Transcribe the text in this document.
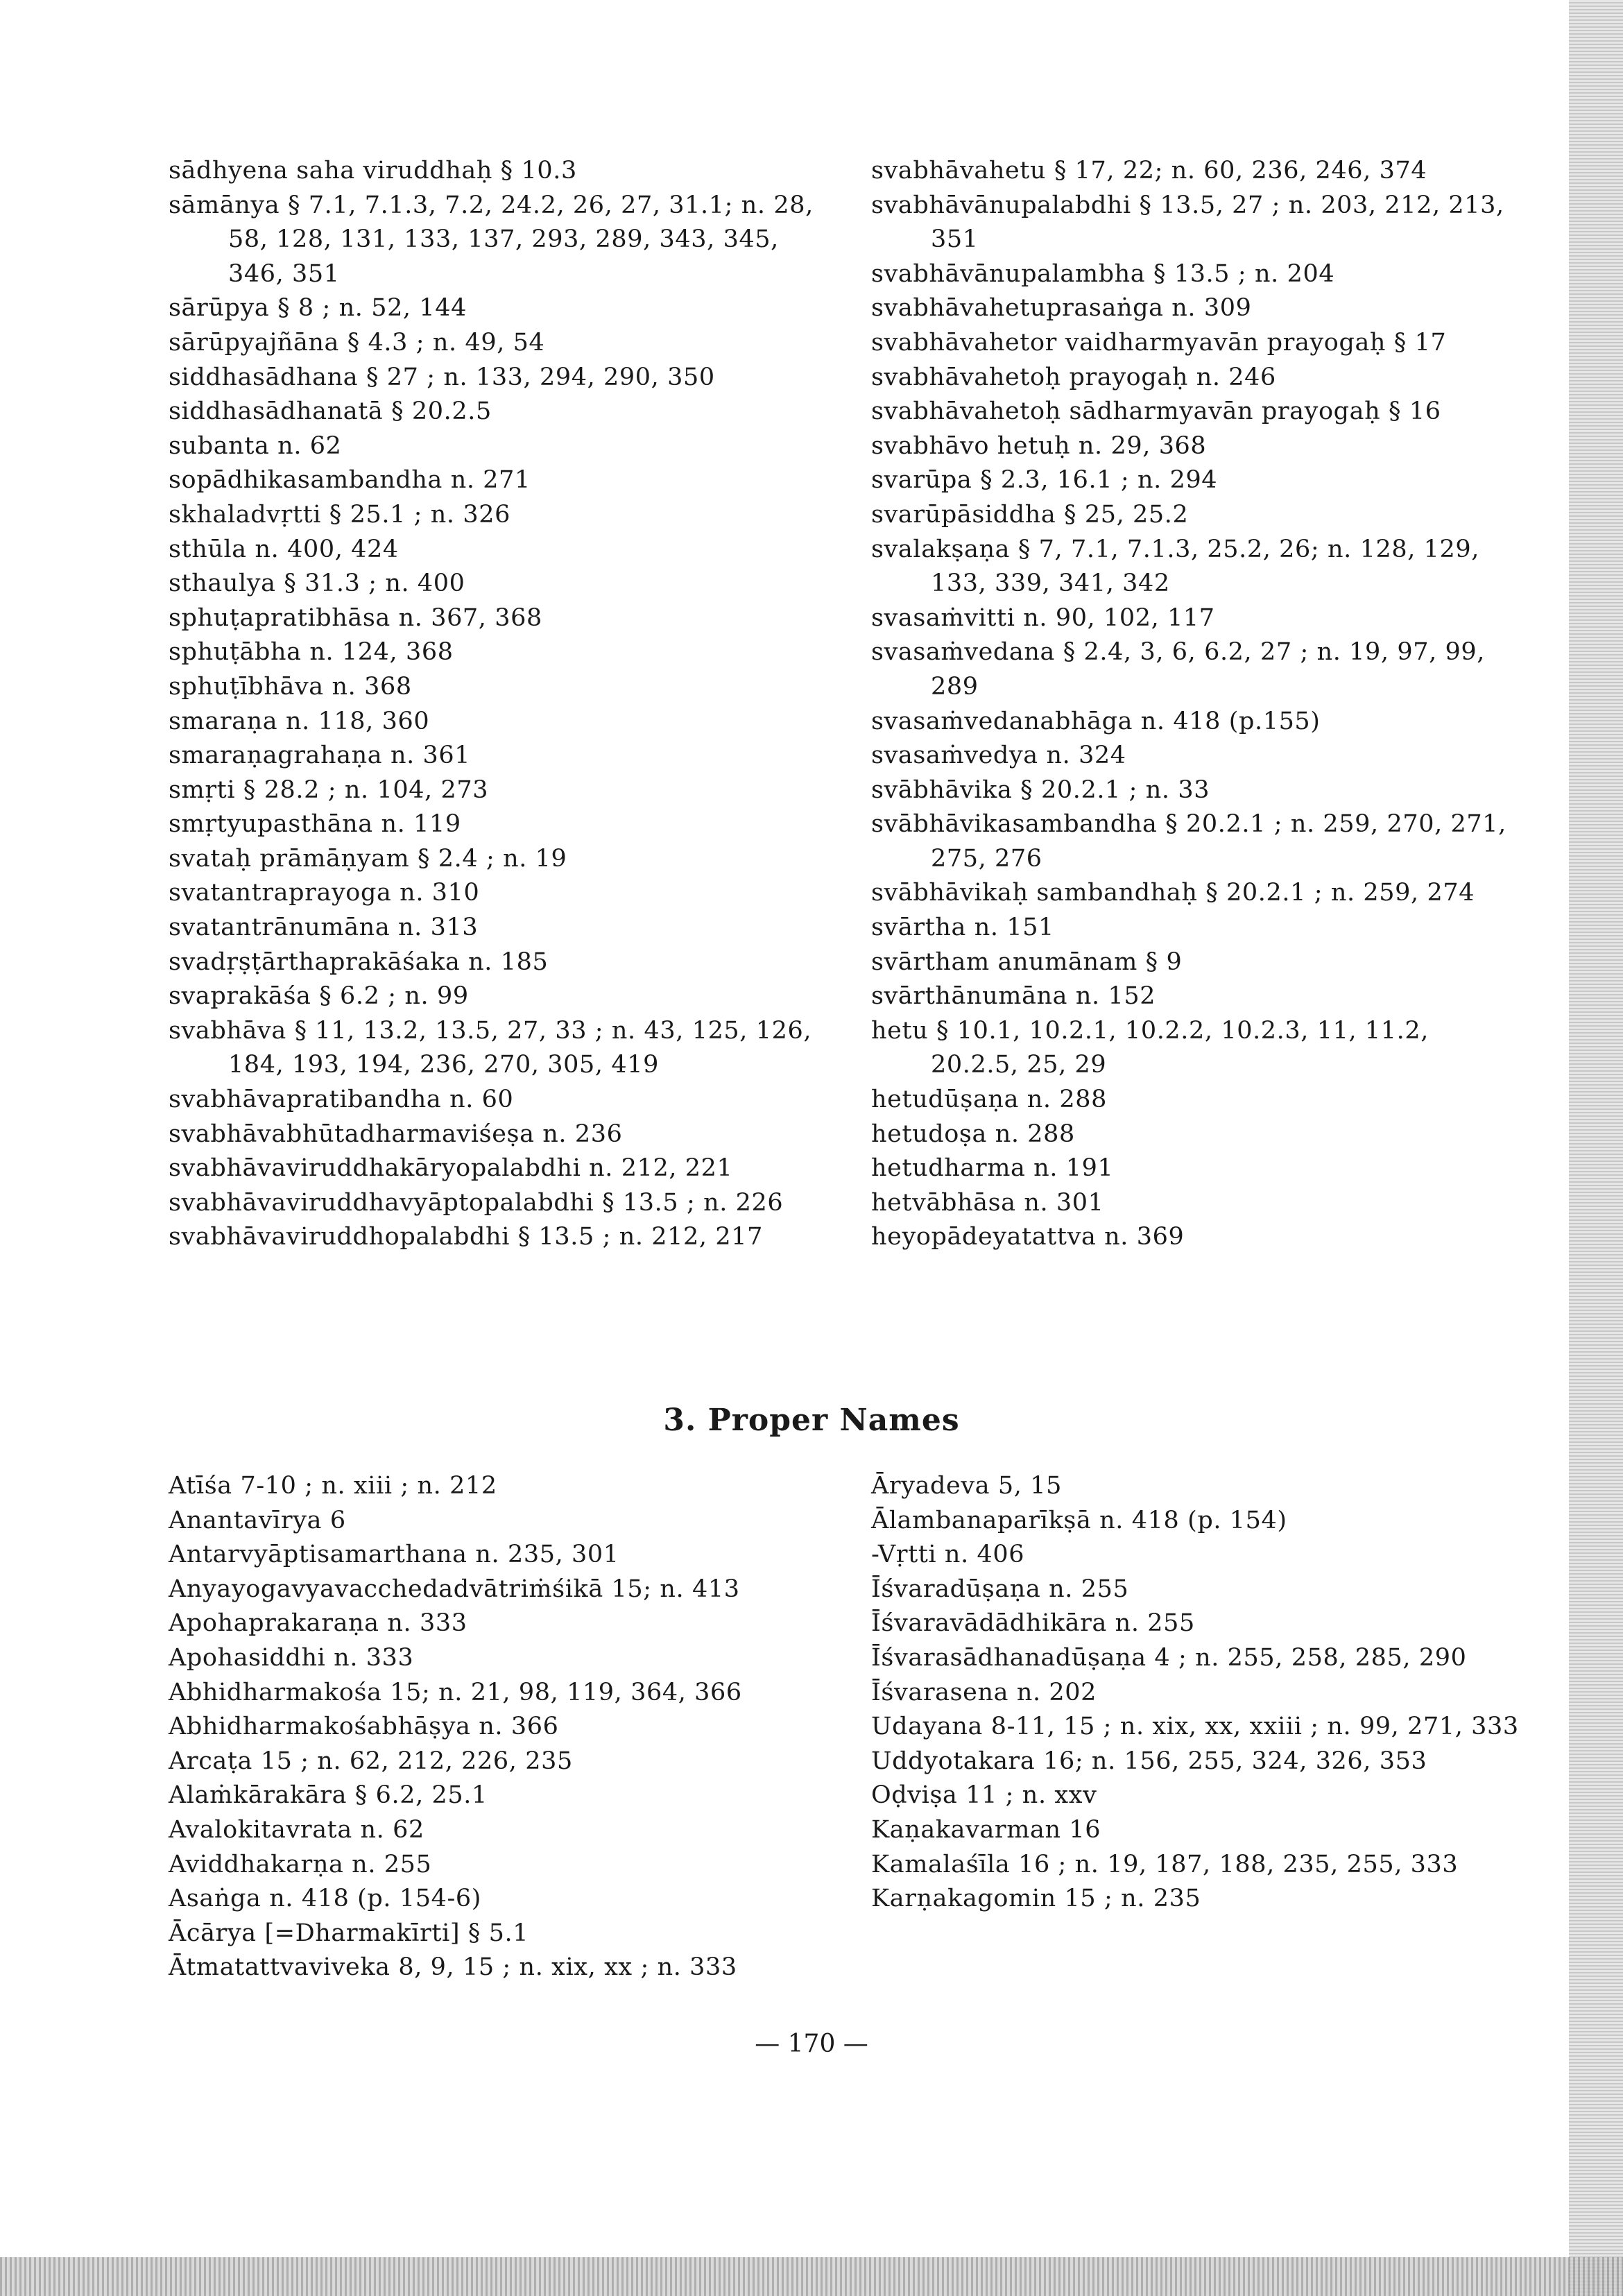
sādhyena saha viruddhaḥ § 10.3
sāmānya § 7.1, 7.1.3, 7.2, 24.2, 26, 27, 31.1; n. 28, 58, 128, 131, 133, 137, 293, 289, 343, 345, 346, 351
sārūpya § 8 ; n. 52, 144
sārūpyajñāna § 4.3 ; n. 49, 54
siddhasādhana § 27 ; n. 133, 294, 290, 350
siddhasādhanatā § 20.2.5
subanta n. 62
sopādhikasambandha n. 271
skhaladvṛtti § 25.1 ; n. 326
sthūla n. 400, 424
sthaulya § 31.3 ; n. 400
sphuṭapratibhāsa n. 367, 368
sphuṭābha n. 124, 368
sphuṭībhāva n. 368
smaraṇa n. 118, 360
smaraṇagrahaṇa n. 361
smṛti § 28.2 ; n. 104, 273
smṛtyupasthāna n. 119
svataḥ prāmāṇyam § 2.4 ; n. 19
svatantraprayoga n. 310
svatantrānumāna n. 313
svadṛṣṭārthaprakāśaka n. 185
svaprakāśa § 6.2 ; n. 99
svabhāva § 11, 13.2, 13.5, 27, 33 ; n. 43, 125, 126, 184, 193, 194, 236, 270, 305, 419
svabhāvapratibandha n. 60
svabhāvabhūtadharmaviśeṣa n. 236
svabhāvaviruddhakāryopalabdhi n. 212, 221
svabhāvaviruddhavyāptopalabdhi § 13.5 ; n. 226
svabhāvaviruddhopalabdhi § 13.5 ; n. 212, 217
svabhāvahetu § 17, 22; n. 60, 236, 246, 374
svabhāvānupalabdhi § 13.5, 27 ; n. 203, 212, 213, 351
svabhāvānupalambha § 13.5 ; n. 204
svabhāvahetuprasaṅga n. 309
svabhāvahetor vaidharmyavān prayogaḥ § 17
svabhāvahetoḥ prayogaḥ n. 246
svabhāvahetoḥ sādharmyavān prayogaḥ § 16
svabhāvo hetuḥ n. 29, 368
svarūpa § 2.3, 16.1 ; n. 294
svarūpāsiddha § 25, 25.2
svalakṣaṇa § 7, 7.1, 7.1.3, 25.2, 26; n. 128, 129, 133, 339, 341, 342
svasaṁvitti n. 90, 102, 117
svasaṁvedana § 2.4, 3, 6, 6.2, 27 ; n. 19, 97, 99, 289
svasaṁvedanabhāga n. 418 (p.155)
svasaṁvedya n. 324
svābhāvika § 20.2.1 ; n. 33
svābhāvikasambandha § 20.2.1 ; n. 259, 270, 271, 275, 276
svābhāvikaḥ sambandhaḥ § 20.2.1 ; n. 259, 274
svārtha n. 151
svārtham anumānam § 9
svārthānumāna n. 152
hetu § 10.1, 10.2.1, 10.2.2, 10.2.3, 11, 11.2, 20.2.5, 25, 29
hetudūṣaṇa n. 288
hetudoṣa n. 288
hetudharma n. 191
hetvābhāsa n. 301
heyopādeyatattva n. 369
3. Proper Names
Atīśa 7-10 ; n. xiii ; n. 212
Anantavīrya 6
Antarvyāptisamarthana n. 235, 301
Anyayogavyavacchedadvātriṁśikā 15; n. 413
Apohaprakaraṇa n. 333
Apohasiddhi n. 333
Abhidharmakośa 15; n. 21, 98, 119, 364, 366
Abhidharmakośabhāṣya n. 366
Arcaṭa 15 ; n. 62, 212, 226, 235
Alaṁkārakāra § 6.2, 25.1
Avalokitavrata n. 62
Aviddhakarṇa n. 255
Asaṅga n. 418 (p. 154-6)
Ācārya [=Dharmakīrti] § 5.1
Ātmatattvaviveka 8, 9, 15 ; n. xix, xx ; n. 333
Āryadeva 5, 15
Ālambanaparīkṣā n. 418 (p. 154)
-Vṛtti n. 406
Īśvaradūṣaṇa n. 255
Īśvaravādādhikāra n. 255
Īśvarasādhanadūṣaṇa 4 ; n. 255, 258, 285, 290
Īśvarasena n. 202
Udayana 8-11, 15 ; n. xix, xx, xxiii ; n. 99, 271, 333
Uddyotakara 16; n. 156, 255, 324, 326, 353
Oḍviṣa 11 ; n. xxv
Kaṇakavarman 16
Kamalaśīla 16 ; n. 19, 187, 188, 235, 255, 333
Karṇakagomin 15 ; n. 235
— 170 —
